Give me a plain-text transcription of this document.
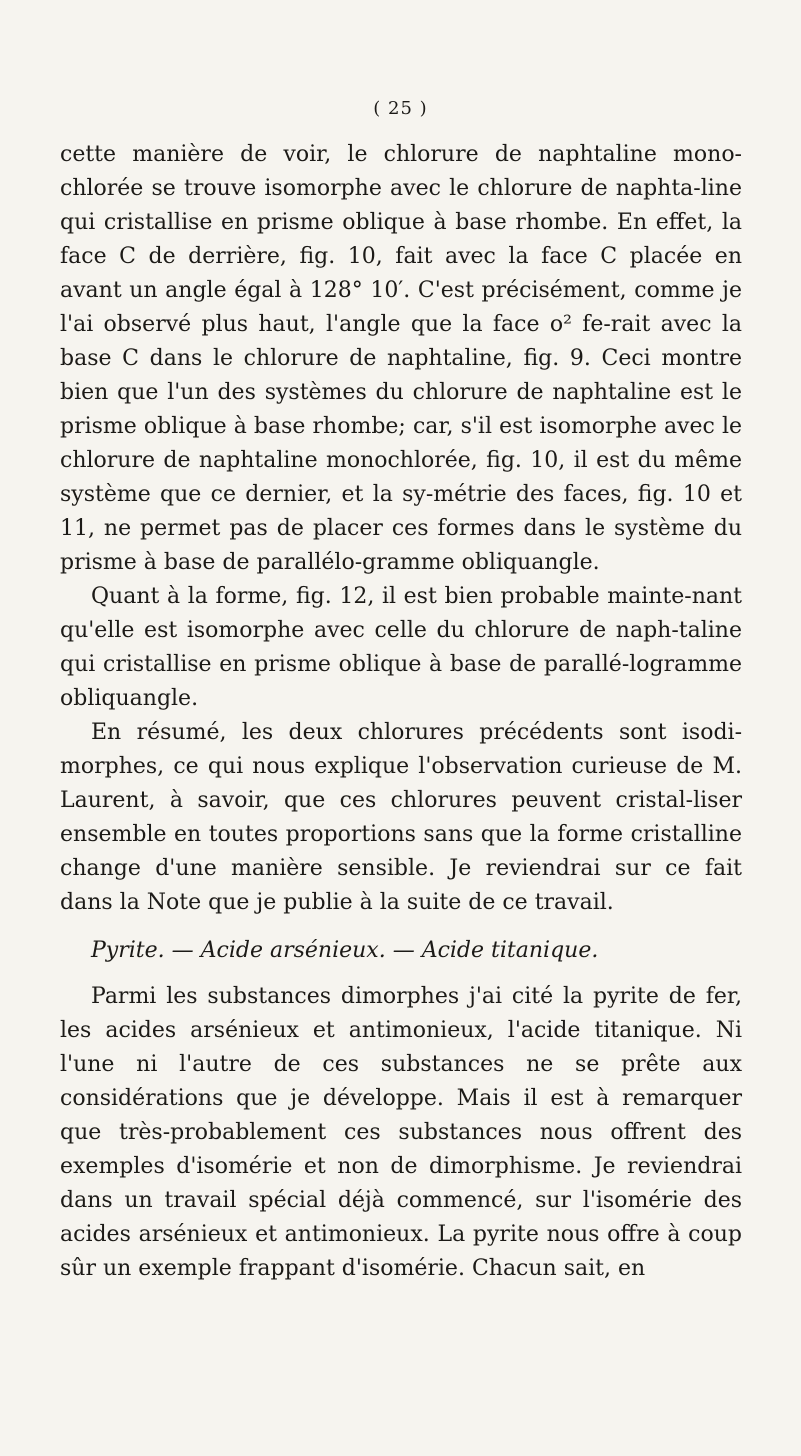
( 25 )

cette manière de voir, le chlorure de naphtaline mono-chlorée se trouve isomorphe avec le chlorure de naphta-line qui cristallise en prisme oblique à base rhombe. En effet, la face C de derrière, fig. 10, fait avec la face C placée en avant un angle égal à 128° 10′. C'est précisément, comme je l'ai observé plus haut, l'angle que la face o² fe-rait avec la base C dans le chlorure de naphtaline, fig. 9. Ceci montre bien que l'un des systèmes du chlorure de naphtaline est le prisme oblique à base rhombe; car, s'il est isomorphe avec le chlorure de naphtaline monochlorée, fig. 10, il est du même système que ce dernier, et la sy-métrie des faces, fig. 10 et 11, ne permet pas de placer ces formes dans le système du prisme à base de parallélo-gramme obliquangle.

Quant à la forme, fig. 12, il est bien probable mainte-nant qu'elle est isomorphe avec celle du chlorure de naph-taline qui cristallise en prisme oblique à base de parallé-logramme obliquangle.

En résumé, les deux chlorures précédents sont isodi-morphes, ce qui nous explique l'observation curieuse de M. Laurent, à savoir, que ces chlorures peuvent cristal-liser ensemble en toutes proportions sans que la forme cristalline change d'une manière sensible. Je reviendrai sur ce fait dans la Note que je publie à la suite de ce travail.

Pyrite. — Acide arsénieux. — Acide titanique.

Parmi les substances dimorphes j'ai cité la pyrite de fer, les acides arsénieux et antimonieux, l'acide titanique. Ni l'une ni l'autre de ces substances ne se prête aux considérations que je développe. Mais il est à remarquer que très-probablement ces substances nous offrent des exemples d'isomérie et non de dimorphisme. Je reviendrai dans un travail spécial déjà commencé, sur l'isomérie des acides arsénieux et antimonieux. La pyrite nous offre à coup sûr un exemple frappant d'isomérie. Chacun sait, en
